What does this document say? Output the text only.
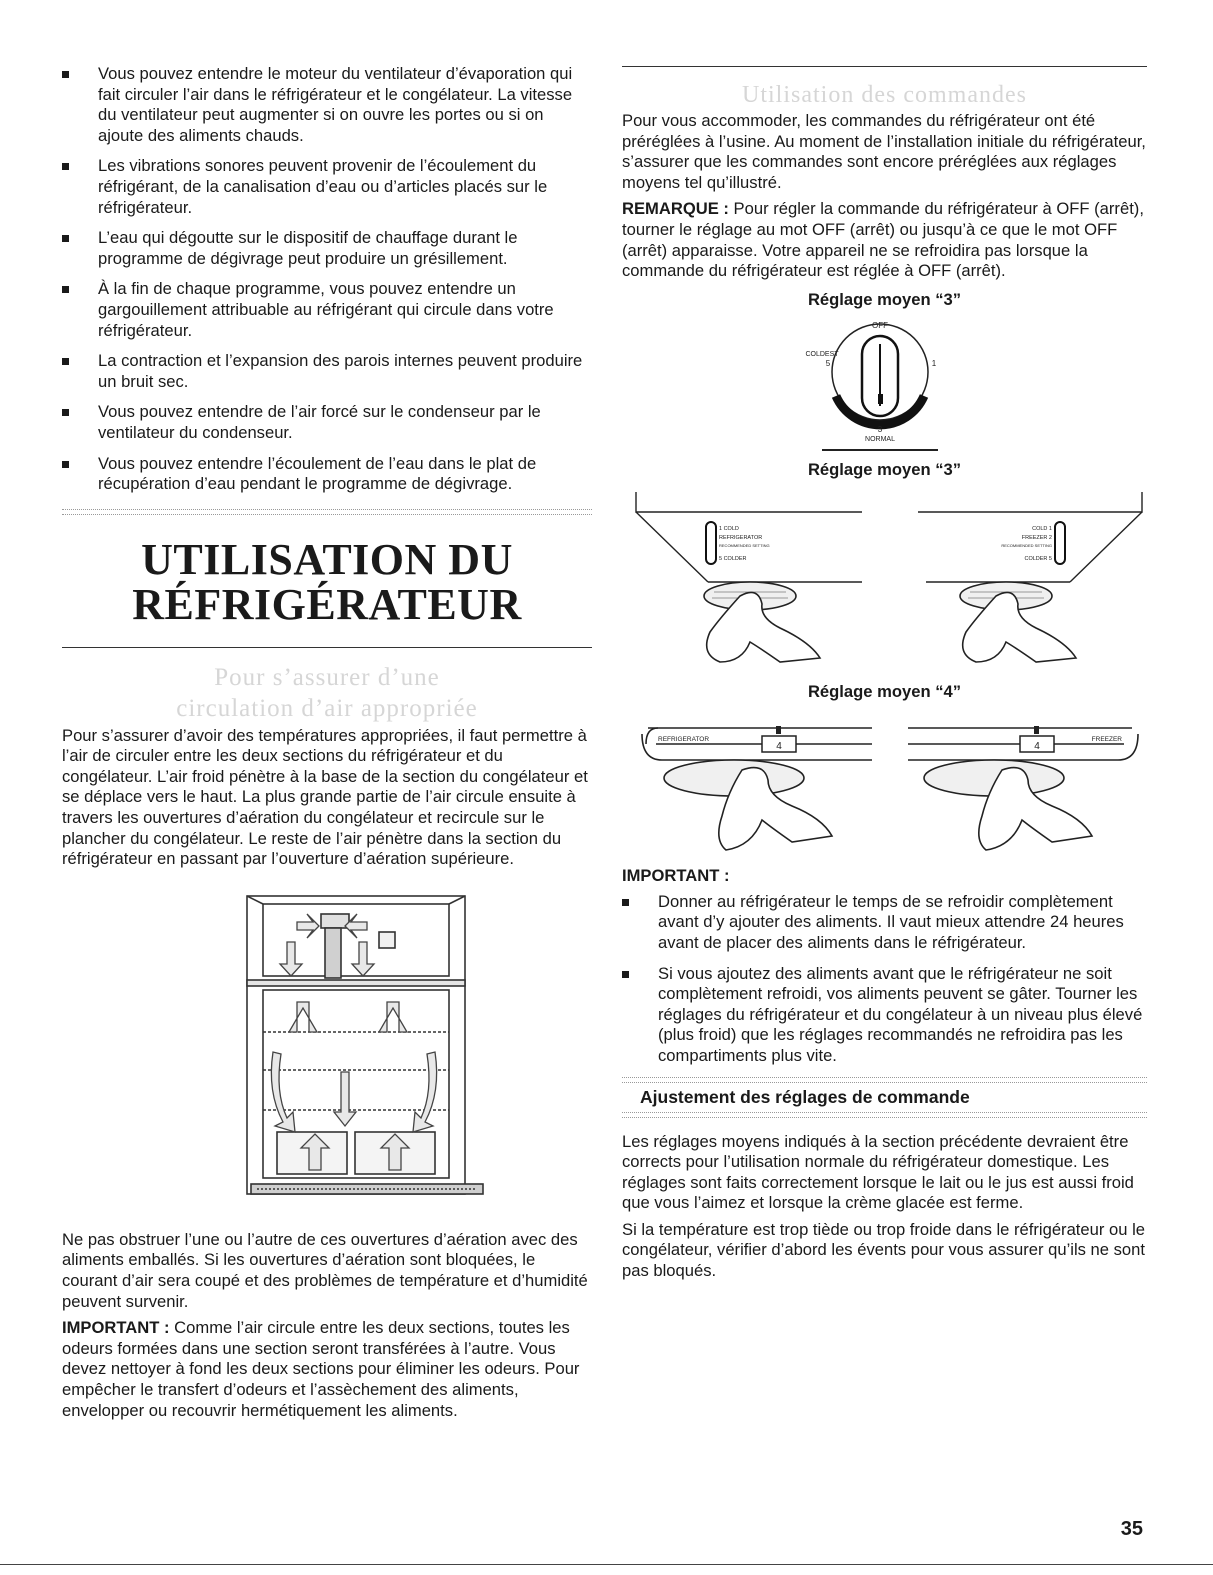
Vous pouvez entendre le moteur du ventilateur d’évaporation qui fait circuler l’air dans le réfrigérateur et le congélateur. La vitesse du ventilateur peut augmenter si on ouvre les portes ou si on ajoute des aliments chauds.
Les vibrations sonores peuvent provenir de l’écoulement du réfrigérant, de la canalisation d’eau ou d’articles placés sur le réfrigérateur.
L’eau qui dégoutte sur le dispositif de chauffage durant le programme de dégivrage peut produire un grésillement.
À la fin de chaque programme, vous pouvez entendre un gargouillement attribuable au réfrigérant qui circule dans votre réfrigérateur.
La contraction et l’expansion des parois internes peuvent produire un bruit sec.
Vous pouvez entendre de l’air forcé sur le condenseur par le ventilateur du condenseur.
Vous pouvez entendre l’écoulement de l’eau dans le plat de récupération d’eau pendant le programme de dégivrage.
UTILISATION DU
RÉFRIGÉRATEUR
Pour s’assurer d’une
circulation d’air appropriée

Pour s’assurer d’avoir des températures appropriées, il faut permettre à l’air de circuler entre les deux sections du réfrigérateur et du congélateur. L’air froid pénètre à la base de la section du congélateur et se déplace vers le haut. La plus grande partie de l’air circule ensuite à travers les ouvertures d’aération du congélateur et recircule sur le plancher du congélateur. Le reste de l’air pénètre dans la section du réfrigérateur en passant par l’ouverture d’aération supérieure.

Ne pas obstruer l’une ou l’autre de ces ouvertures d’aération avec des aliments emballés. Si les ouvertures d’aération sont bloquées, le courant d’air sera coupé et des problèmes de température et d’humidité peuvent survenir.

IMPORTANT : Comme l’air circule entre les deux sections, toutes les odeurs formées dans une section seront transférées à l’autre. Vous devez nettoyer à fond les deux sections pour éliminer les odeurs. Pour empêcher le transfert d’odeurs et l’assèchement des aliments, envelopper ou recouvrir hermétiquement les aliments.

Utilisation des commandes

Pour vous accommoder, les commandes du réfrigérateur ont été préréglées à l’usine. Au moment de l’installation initiale du réfrigérateur, s’assurer que les commandes sont encore préréglées aux réglages moyens tel qu’illustré.

REMARQUE : Pour régler la commande du réfrigérateur à OFF (arrêt), tourner le réglage au mot OFF (arrêt) ou jusqu’à ce que le mot OFF (arrêt) apparaisse. Votre appareil ne se refroidira pas lorsque la commande du réfrigérateur est réglée à OFF (arrêt).

Réglage moyen “3”
OFF
COLDEST
5	1
3
NORMAL
Réglage moyen “3”
1 COLD
REFRIGERATOR
RECOMMENDED SETTING
5 COLDER
COLD 1
FREEZER 2
RECOMMENDED SETTING
COLDER 5
Réglage moyen “4”
REFRIGERATOR
4
FREEZER
4
IMPORTANT :
Donner au réfrigérateur le temps de se refroidir complètement avant d’y ajouter des aliments. Il vaut mieux attendre 24 heures avant de placer des aliments dans le réfrigérateur.
Si vous ajoutez des aliments avant que le réfrigérateur ne soit complètement refroidi, vos aliments peuvent se gâter. Tourner les réglages du réfrigérateur et du congélateur à un niveau plus élevé (plus froid) que les réglages recommandés ne refroidira pas les compartiments plus vite.
Ajustement des réglages de commande

Les réglages moyens indiqués à la section précédente devraient être corrects pour l’utilisation normale du réfrigérateur domestique. Les réglages sont faits correctement lorsque le lait ou le jus est aussi froid que vous l’aimez et lorsque la crème glacée est ferme.

Si la température est trop tiède ou trop froide dans le réfrigérateur ou le congélateur, vérifier d’abord les évents pour vous assurer qu’ils ne sont pas bloqués.

35
